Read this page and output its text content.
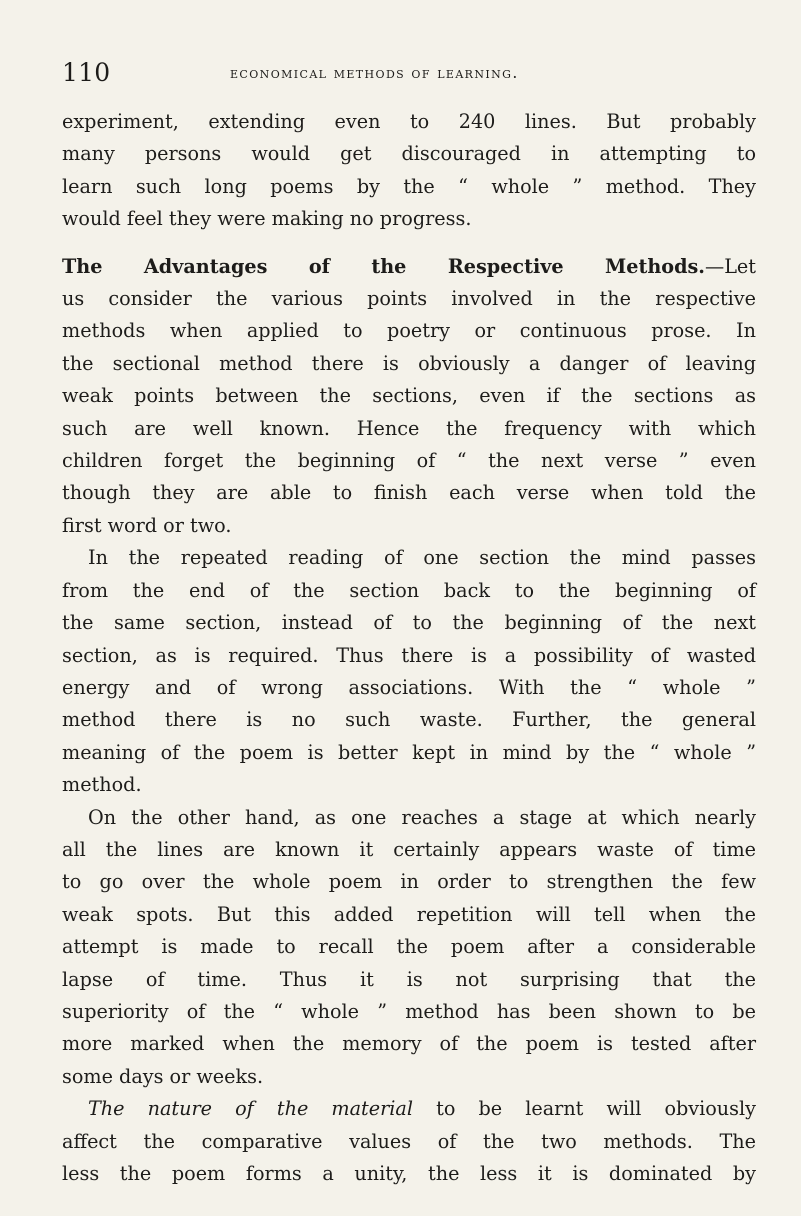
110	economical methods of learning.

experiment, extending even to 240 lines. But probably
many persons would get discouraged in attempting to
learn such long poems by the “ whole ” method. They
would feel they were making no progress.

The Advantages of the Respective Methods.—Let
us consider the various points involved in the respective
methods when applied to poetry or continuous prose. In
the sectional method there is obviously a danger of leaving
weak points between the sections, even if the sections as
such are well known. Hence the frequency with which
children forget the beginning of “ the next verse ” even
though they are able to finish each verse when told the
first word or two.

In the repeated reading of one section the mind passes
from the end of the section back to the beginning of
the same section, instead of to the beginning of the next
section, as is required. Thus there is a possibility of wasted
energy and of wrong associations. With the “ whole ”
method there is no such waste. Further, the general
meaning of the poem is better kept in mind by the “ whole ”
method.

On the other hand, as one reaches a stage at which nearly
all the lines are known it certainly appears waste of time
to go over the whole poem in order to strengthen the few
weak spots. But this added repetition will tell when the
attempt is made to recall the poem after a considerable
lapse of time. Thus it is not surprising that the
superiority of the “ whole ” method has been shown to be
more marked when the memory of the poem is tested after
some days or weeks.

The nature of the material to be learnt will obviously
affect the comparative values of the two methods. The
less the poem forms a unity, the less it is dominated by
